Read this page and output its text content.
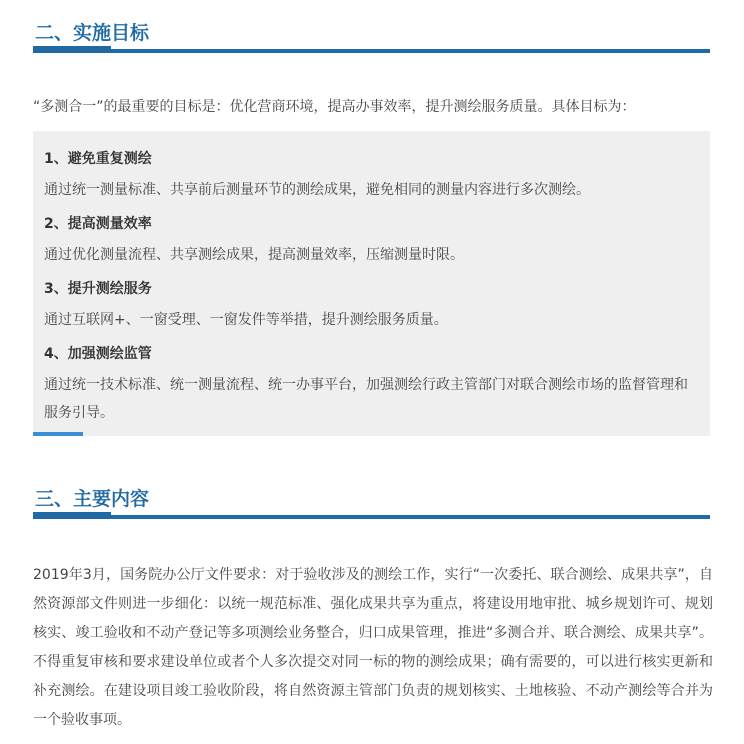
二、实施目标
“多测合一”的最重要的目标是：优化营商环境，提高办事效率，提升测绘服务质量。具体目标为：
1、避免重复测绘
通过统一测量标准、共享前后测量环节的测绘成果，避免相同的测量内容进行多次测绘。
2、提高测量效率
通过优化测量流程、共享测绘成果，提高测量效率，压缩测量时限。
3、提升测绘服务
通过互联网+、一窗受理、一窗发件等举措，提升测绘服务质量。
4、加强测绘监管
通过统一技术标准、统一测量流程、统一办事平台，加强测绘行政主管部门对联合测绘市场的监督管理和服务引导。
三、主要内容
2019年3月，国务院办公厅文件要求：对于验收涉及的测绘工作，实行“一次委托、联合测绘、成果共享”，自然资源部文件则进一步细化：以统一规范标准、强化成果共享为重点，将建设用地审批、城乡规划许可、规划核实、竣工验收和不动产登记等多项测绘业务整合，归口成果管理，推进“多测合并、联合测绘、成果共享”。不得重复审核和要求建设单位或者个人多次提交对同一标的物的测绘成果；确有需要的，可以进行核实更新和补充测绘。在建设项目竣工验收阶段，将自然资源主管部门负责的规划核实、土地核验、不动产测绘等合并为一个验收事项。
